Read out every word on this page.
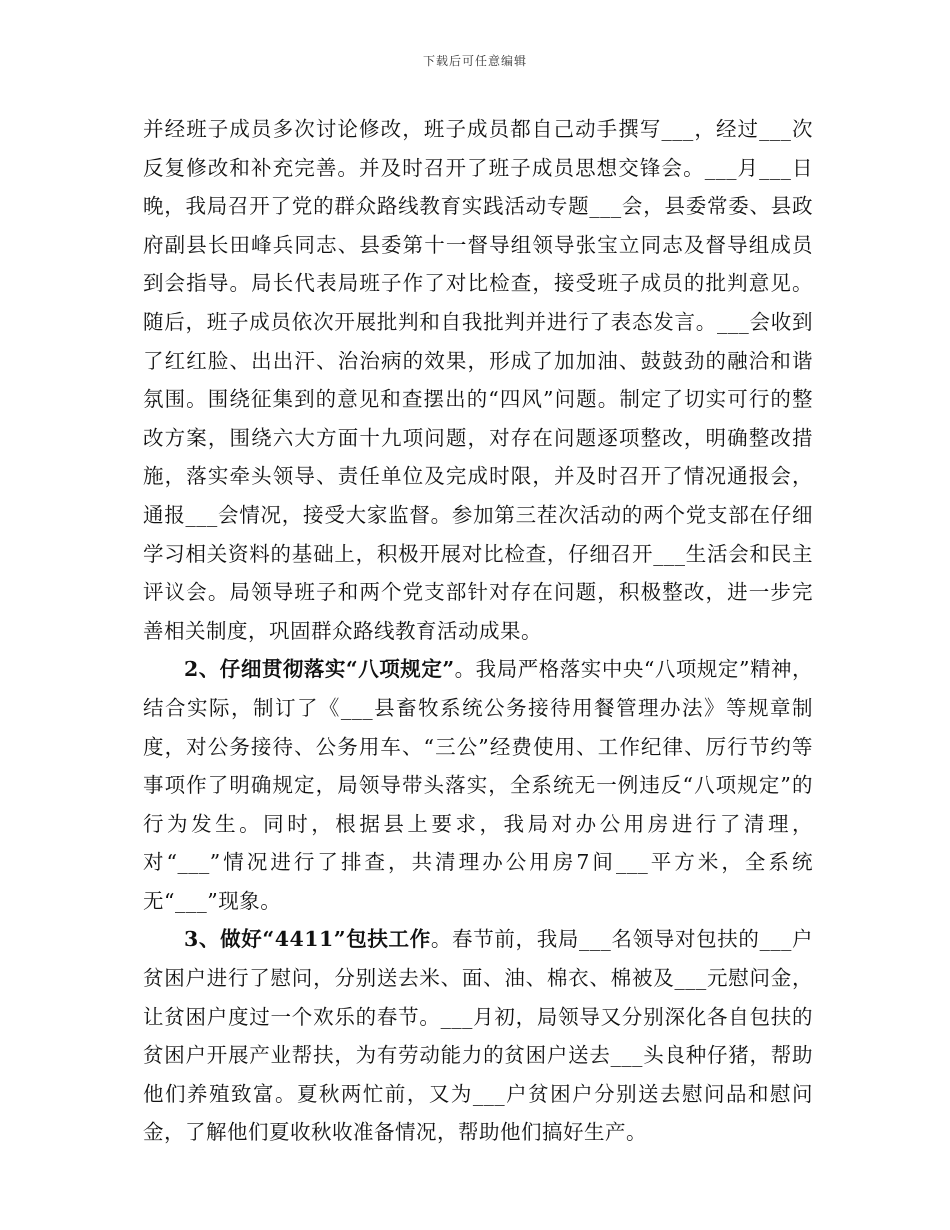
下载后可任意编辑

并经班子成员多次讨论修改，班子成员都自己动手撰写___，经过___次反复修改和补充完善。并及时召开了班子成员思想交锋会。___月___日晚，我局召开了党的群众路线教育实践活动专题___会，县委常委、县政府副县长田峰兵同志、县委第十一督导组领导张宝立同志及督导组成员到会指导。局长代表局班子作了对比检查，接受班子成员的批判意见。随后，班子成员依次开展批判和自我批判并进行了表态发言。___会收到了红红脸、出出汗、治治病的效果，形成了加加油、鼓鼓劲的融洽和谐氛围。围绕征集到的意见和查摆出的“四风”问题。制定了切实可行的整改方案，围绕六大方面十九项问题，对存在问题逐项整改，明确整改措施，落实牵头领导、责任单位及完成时限，并及时召开了情况通报会，通报___会情况，接受大家监督。参加第三茬次活动的两个党支部在仔细学习相关资料的基础上，积极开展对比检查，仔细召开___生活会和民主评议会。局领导班子和两个党支部针对存在问题，积极整改，进一步完善相关制度，巩固群众路线教育活动成果。

2、仔细贯彻落实“八项规定”。我局严格落实中央“八项规定”精神，结合实际，制订了《___县畜牧系统公务接待用餐管理办法》等规章制度，对公务接待、公务用车、“三公”经费使用、工作纪律、厉行节约等事项作了明确规定，局领导带头落实，全系统无一例违反“八项规定”的行为发生。同时，根据县上要求，我局对办公用房进行了清理，对“___”情况进行了排查，共清理办公用房7间___平方米，全系统无“___”现象。

3、做好“4411”包扶工作。春节前，我局___名领导对包扶的___户贫困户进行了慰问，分别送去米、面、油、棉衣、棉被及___元慰问金，让贫困户度过一个欢乐的春节。___月初，局领导又分别深化各自包扶的贫困户开展产业帮扶，为有劳动能力的贫困户送去___头良种仔猪，帮助他们养殖致富。夏秋两忙前，又为___户贫困户分别送去慰问品和慰问金，了解他们夏收秋收准备情况，帮助他们搞好生产。
